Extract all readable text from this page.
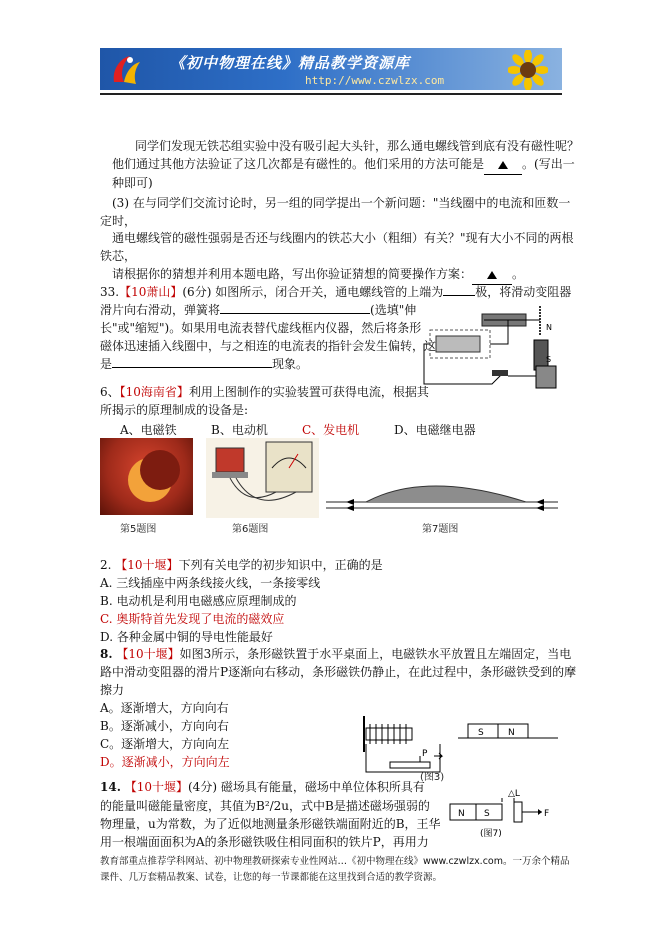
《初中物理在线》精品教学资源库
http://www.czwlzx.com
同学们发现无铁芯组实验中没有吸引起大头针，那么通电螺线管到底有没有磁性呢？
他们通过其他方法验证了这几次都是有磁性的。他们采用的方法可能是	。(写出一
种即可)
(3) 在与同学们交流讨论时，另一组的同学提出一个新问题："当线圈中的电流和匝数一
定时，
通电螺线管的磁性强弱是否还与线圈内的铁芯大小（粗细）有关？"现有大小不同的两根
铁芯，
请根据你的猜想并利用本题电路，写出你验证猜想的简要操作方案：	。
33.【10萧山】(6分) 如图所示，闭合开关，通电螺线管的上端为	极，将滑动变阻器
滑片向右滑动，弹簧将	(选填"伸
长"或"缩短")。如果用电流表替代虚线框内仪器，然后将条形
磁体迅速插入线圈中，与之相连的电流表的指针会发生偏转，这
是	现象。
N
S
6、【10海南省】利用上图制作的实验装置可获得电流，根据其
所揭示的原理制成的设备是:
A、电磁铁	B、电动机	C、发电机	D、电磁继电器
第5题图	第6题图	第7题图
2. 【10十堰】下列有关电学的初步知识中，正确的是
A. 三线插座中两条线接火线，一条接零线
B. 电动机是利用电磁感应原理制成的
C. 奥斯特首先发现了电流的磁效应
D. 各种金属中铜的导电性能最好
8. 【10十堰】如图3所示，条形磁铁置于水平桌面上，电磁铁水平放置且左端固定，当电
路中滑动变阻器的滑片P逐渐向右移动，条形磁铁仍静止，在此过程中，条形磁铁受到的摩
擦力
A。逐渐增大，方向向右
B。逐渐减小，方向向右
C。逐渐增大，方向向左
D。逐渐减小，方向向左
P
S	N
(图3)
14. 【10十堰】(4分) 磁场具有能量，磁场中单位体积所具有
的能量叫磁能量密度，其值为B²/2u，式中B是描述磁场强弱的
物理量，u为常数，为了近似地测量条形磁铁端面附近的B，王华
用一根端面面积为A的条形磁铁吸住相同面积的铁片P，再用力
△L
N S	F
(图7)
教育部重点推荐学科网站、初中物理教研探索专业性网站…《初中物理在线》www.czwlzx.com。一万余个精品课件、几万套精品教案、试卷，让您的每一节课都能在这里找到合适的教学资源。
